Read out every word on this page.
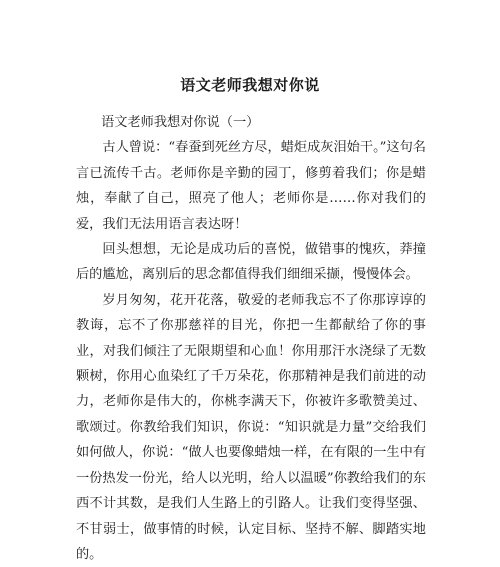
语文老师我想对你说

语文老师我想对你说（一）

古人曾说：“春蚕到死丝方尽，蜡炬成灰泪始干。”这句名言已流传千古。老师你是辛勤的园丁，修剪着我们；你是蜡烛，奉献了自己，照亮了他人；老师你是……你对我们的爱，我们无法用语言表达呀！

回头想想，无论是成功后的喜悦，做错事的愧疚，莽撞后的尴尬，离别后的思念都值得我们细细采撷，慢慢体会。

岁月匆匆，花开花落，敬爱的老师我忘不了你那谆谆的教诲，忘不了你那慈祥的目光，你把一生都献给了你的事业，对我们倾注了无限期望和心血！你用那汗水浇绿了无数颗树，你用心血染红了千万朵花，你那精神是我们前进的动力，老师你是伟大的，你桃李满天下，你被许多歌赞美过、歌颂过。你教给我们知识，你说：“知识就是力量”交给我们如何做人，你说：“做人也要像蜡烛一样，在有限的一生中有一份热发一份光，给人以光明，给人以温暖”你教给我们的东西不计其数，是我们人生路上的引路人。让我们变得坚强、不甘弱士，做事情的时候，认定目标、坚持不解、脚踏实地的。
